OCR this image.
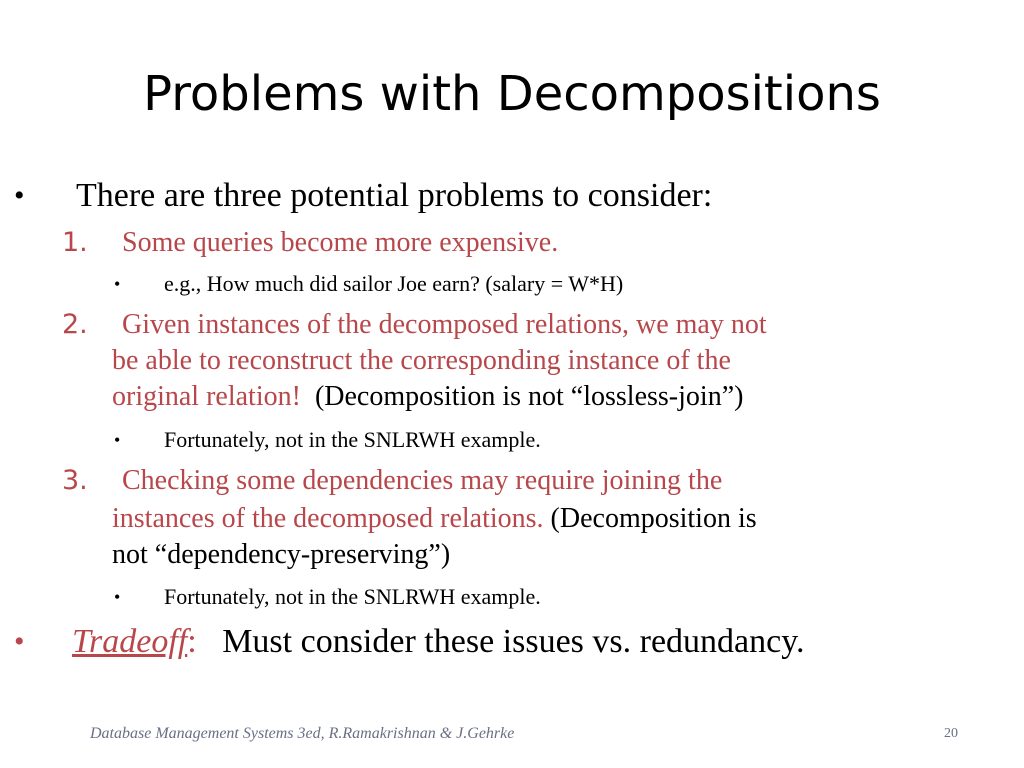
Problems with Decompositions
• There are three potential problems to consider:
1. Some queries become more expensive.
• e.g., How much did sailor Joe earn? (salary = W*H)
2. Given instances of the decomposed relations, we may not
be able to reconstruct the corresponding instance of the
original relation! (Decomposition is not “lossless-join”)
• Fortunately, not in the SNLRWH example.
3. Checking some dependencies may require joining the
instances of the decomposed relations. (Decomposition is
not “dependency-preserving”)
• Fortunately, not in the SNLRWH example.
• Tradeoff: Must consider these issues vs. redundancy.
Database Management Systems 3ed, R.Ramakrishnan & J.Gehrke	20
